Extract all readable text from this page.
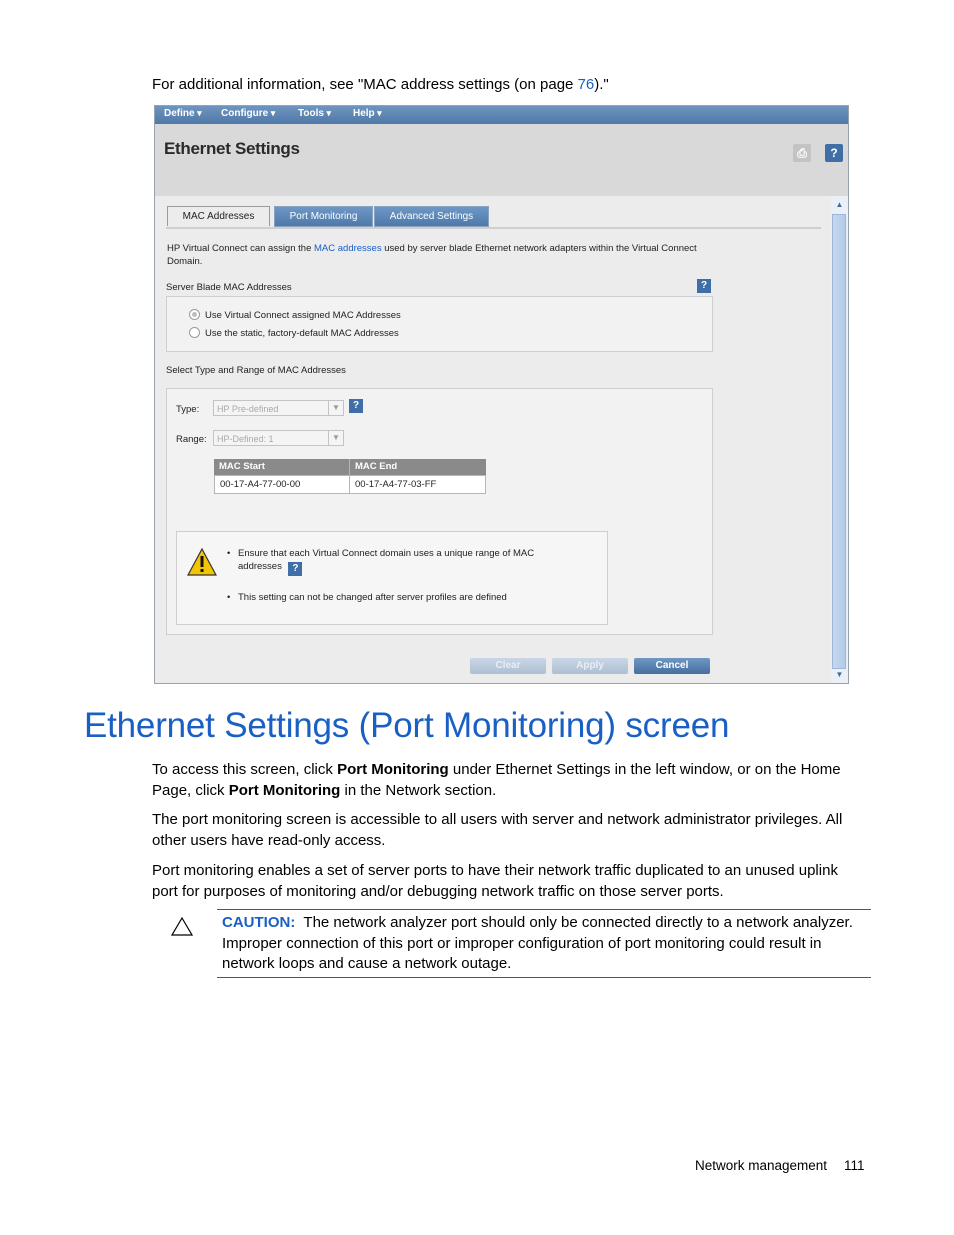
For additional information, see "MAC address settings (on page 76)."
Define ▾	Configure ▾	Tools ▾	Help ▾
Ethernet Settings	⎙	?
MAC Addresses	Port Monitoring	Advanced Settings
HP Virtual Connect can assign the MAC addresses used by server blade Ethernet network adapters within the Virtual Connect Domain.
Server Blade MAC Addresses	?
Use Virtual Connect assigned MAC Addresses
Use the static, factory-default MAC Addresses
Select Type and Range of MAC Addresses
Type:	HP Pre-defined	▼	?
Range:	HP-Defined: 1	▼
MAC Start	MAC End
00-17-A4-77-00-00	00-17-A4-77-03-FF
• Ensure that each Virtual Connect domain uses a unique range of MAC addresses ?
• This setting can not be changed after server profiles are defined
Clear	Apply	Cancel
▲
▼
Ethernet Settings (Port Monitoring) screen
To access this screen, click Port Monitoring under Ethernet Settings in the left window, or on the Home Page, click Port Monitoring in the Network section.
The port monitoring screen is accessible to all users with server and network administrator privileges. All other users have read-only access.
Port monitoring enables a set of server ports to have their network traffic duplicated to an unused uplink port for purposes of monitoring and/or debugging network traffic on those server ports.
CAUTION: The network analyzer port should only be connected directly to a network analyzer. Improper connection of this port or improper configuration of port monitoring could result in network loops and cause a network outage.
Network management 111
